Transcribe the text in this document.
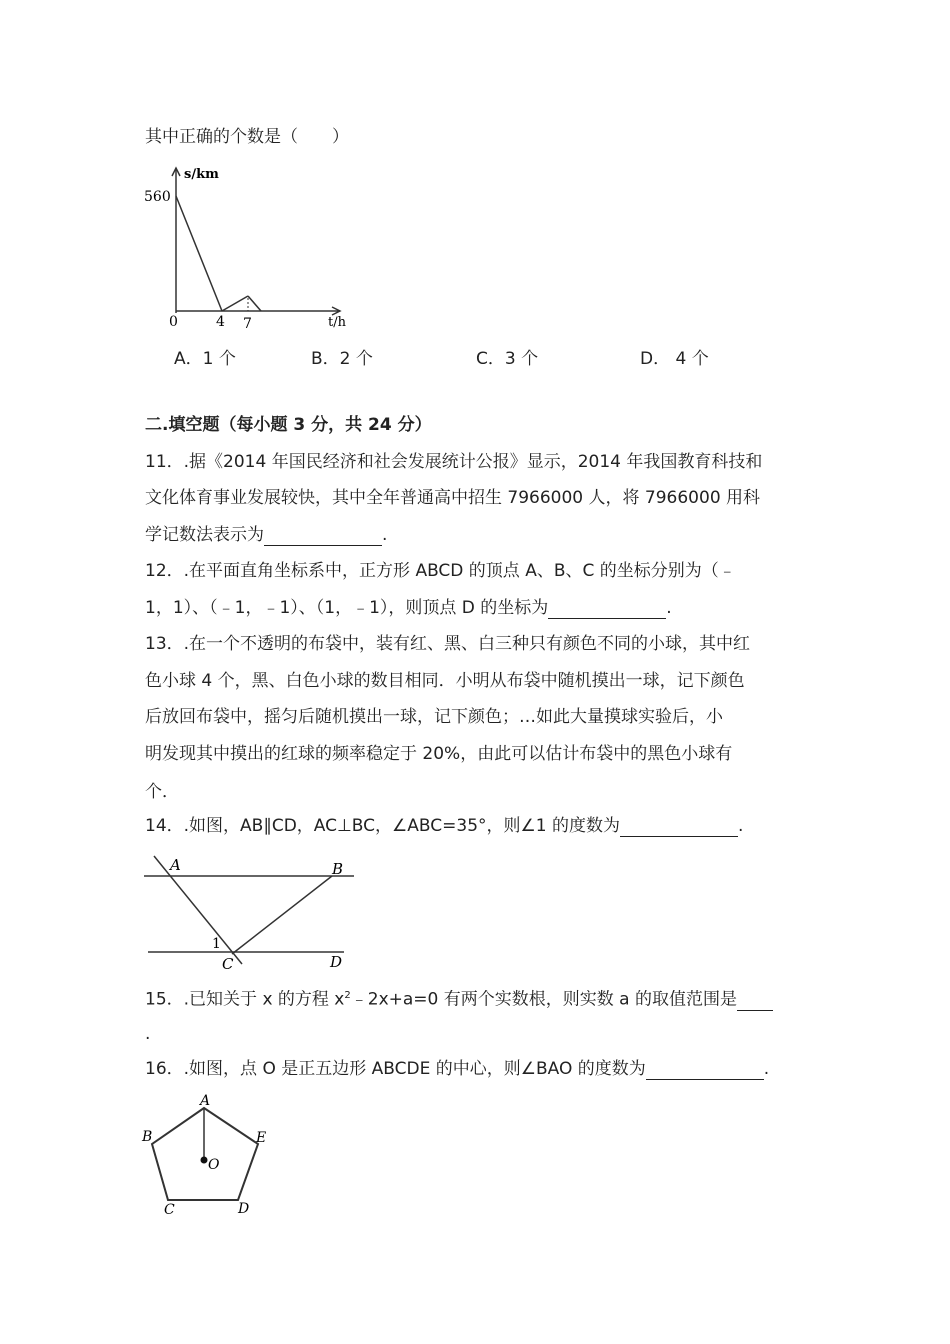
其中正确的个数是（　　）
s/km
560
0	4 7	t/h
A．1 个	B．2 个	C．3 个	D． 4 个
二.填空题（每小题 3 分，共 24 分）
11．.据《2014 年国民经济和社会发展统计公报》显示，2014 年我国教育科技和
文化体育事业发展较快，其中全年普通高中招生 7966000 人，将 7966000 用科
学记数法表示为	.
12．.在平面直角坐标系中，正方形 ABCD 的顶点 A、B、C 的坐标分别为（﹣
1，1）、（﹣1，﹣1）、（1，﹣1），则顶点 D 的坐标为	.
13．.在一个不透明的布袋中，装有红、黑、白三种只有颜色不同的小球，其中红
色小球 4 个，黑、白色小球的数目相同．小明从布袋中随机摸出一球，记下颜色
后放回布袋中，摇匀后随机摸出一球，记下颜色；…如此大量摸球实验后，小
明发现其中摸出的红球的频率稳定于 20%，由此可以估计布袋中的黑色小球有
个．
14．.如图，AB∥CD，AC⊥BC，∠ABC=35°，则∠1 的度数为	.
A	B
1
C	D
15．.已知关于 x 的方程 $x^2﹣2x+a=0$ 有两个实数根，则实数 a 的取值范围是
.
16．.如图，点 O 是正五边形 ABCDE 的中心，则∠BAO 的度数为	.
A
B	E
O
C	D
